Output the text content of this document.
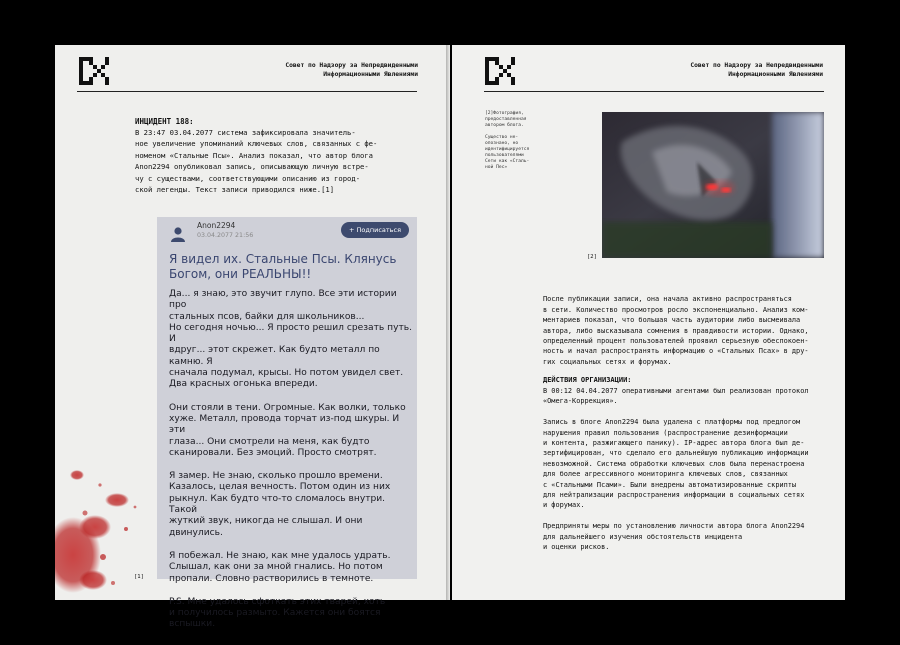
Совет по Надзору за Непредвиденными
Информационными Явлениями
ИНЦИДЕНТ 188:
В 23:47 03.04.2077 система зафиксировала значитель-
ное увеличение упоминаний ключевых слов, связанных с фе-
номеном «Стальные Псы». Анализ показал, что автор блога
Anon2294 опубликовал запись, описывающую личную встре-
чу с существами, соответствующими описанию из город-
ской легенды. Текст записи приводился ниже.[1]
Anon2294
03.04.2077 21:56
+ Подписаться
Я видел их. Стальные Псы. Клянусь
Богом, они РЕАЛЬНЫ!!

Да... я знаю, это звучит глупо. Все эти истории про
стальных псов, байки для школьников...
Но сегодня ночью... Я просто решил срезать путь. И
вдруг... этот скрежет. Как будто металл по камню. Я
сначала подумал, крысы. Но потом увидел свет.
Два красных огонька впереди.

Они стояли в тени. Огромные. Как волки, только
хуже. Металл, провода торчат из-под шкуры. И эти
глаза... Они смотрели на меня, как будто
сканировали. Без эмоций. Просто смотрят.

Я замер. Не знаю, сколько прошло времени.
Казалось, целая вечность. Потом один из них
рыкнул. Как будто что-то сломалось внутри. Такой
жуткий звук, никогда не слышал. И они двинулись.

Я побежал. Не знаю, как мне удалось удрать.
Слышал, как они за мной гнались. Но потом
пропали. Словно растворились в темноте.

P.S. Мне удалось сфоткать этих тварей, хоть
и получилось размыто. Кажется они боятся
вспышки.

[1]
Совет по Надзору за Непредвиденными
Информационными Явлениями
[2]Фотография,
предоставленная
автором блога.

Существо не-
опознано, но
идентифицируется
пользователями
Сети как «Сталь-
ной Пес»
[2]

После публикации записи, она начала активно распространяться
в сети. Количество просмотров росло экспоненциально. Анализ ком-
ментариев показал, что большая часть аудитории либо высмеивала
автора, либо высказывала сомнения в правдивости истории. Однако,
определенный процент пользователей проявил серьезную обеспокоен-
ность и начал распространять информацию о «Стальных Псах» в дру-
гих социальных сетях и форумах.

ДЕЙСТВИЯ ОРГАНИЗАЦИИ:

В 00:12 04.04.2077 оперативными агентами был реализован протокол
«Омега-Коррекция».

Запись в блоге Anon2294 была удалена с платформы под предлогом
нарушения правил пользования (распространение дезинформации
и контента, разжигающего панику). IP-адрес автора блога был де-
зертифицирован, что сделало его дальнейшую публикацию информации
невозможной. Система обработки ключевых слов была перенастроена
для более агрессивного мониторинга ключевых слов, связанных
с «Стальными Псами». Были внедрены автоматизированные скрипты
для нейтрализации распространения информации в социальных сетях
и форумах.

Предприняты меры по установлению личности автора блога Anon2294
для дальнейшего изучения обстоятельств инцидента
и оценки рисков.
